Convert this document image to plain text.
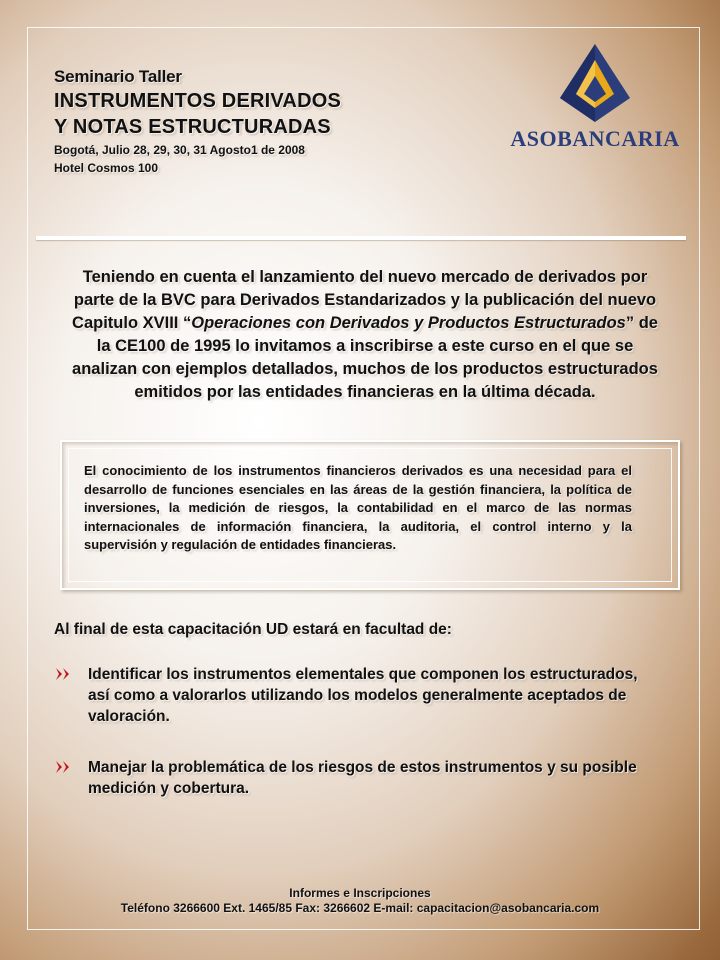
Seminario Taller
INSTRUMENTOS DERIVADOS
Y NOTAS ESTRUCTURADAS
Bogotá, Julio 28, 29, 30, 31 Agosto1 de 2008
Hotel Cosmos 100
ASOBANCARIA
Teniendo en cuenta el lanzamiento del nuevo mercado de derivados por parte de la BVC para Derivados Estandarizados y la publicación del nuevo Capitulo XVIII “Operaciones con Derivados y Productos Estructurados” de la CE100 de 1995 lo invitamos a inscribirse a este curso en el que se analizan con ejemplos detallados, muchos de los productos estructurados emitidos por las entidades financieras en la última década.
El conocimiento de los instrumentos financieros derivados es una necesidad para el desarrollo de funciones esenciales en las áreas de la gestión financiera, la política de inversiones, la medición de riesgos, la contabilidad en el marco de las normas internacionales de información financiera, la auditoria, el control interno y la supervisión y regulación de entidades financieras.
Al final de esta capacitación UD estará en facultad de:
Identificar los instrumentos elementales que componen los estructurados, así como a valorarlos utilizando los modelos generalmente aceptados de valoración.
Manejar la problemática de los riesgos de estos instrumentos y su posible medición y cobertura.
Informes e Inscripciones
Teléfono 3266600 Ext. 1465/85 Fax: 3266602 E-mail: capacitacion@asobancaria.com
